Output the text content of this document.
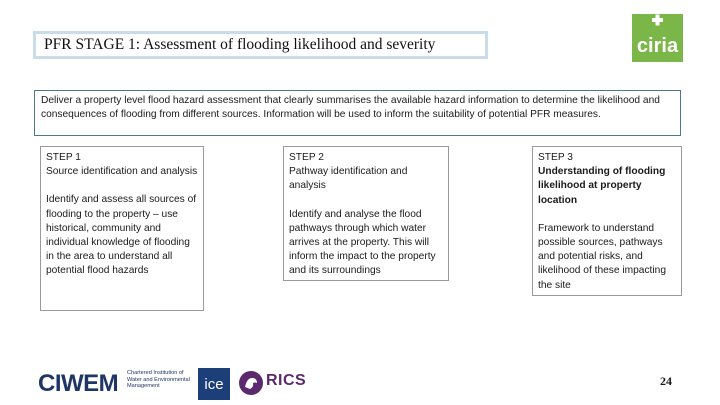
PFR STAGE 1: Assessment of flooding likelihood and severity	ciria
Deliver a property level flood hazard assessment that clearly summarises the available hazard information to determine the likelihood and consequences of flooding from different sources. Information will be used to inform the suitability of potential PFR measures.
STEP 1
Source identification and analysis
Identify and assess all sources of flooding to the property – use historical, community and individual knowledge of flooding in the area to understand all potential flood hazards
STEP 2
Pathway identification and analysis
Identify and analyse the flood pathways through which water arrives at the property. This will inform the impact to the property and its surroundings
STEP 3
Understanding of flooding likelihood at property location
Framework to understand possible sources, pathways and potential risks, and likelihood of these impacting the site
CIWEM Chartered Institution of Water and Environmental Management	ice	RICS	24
